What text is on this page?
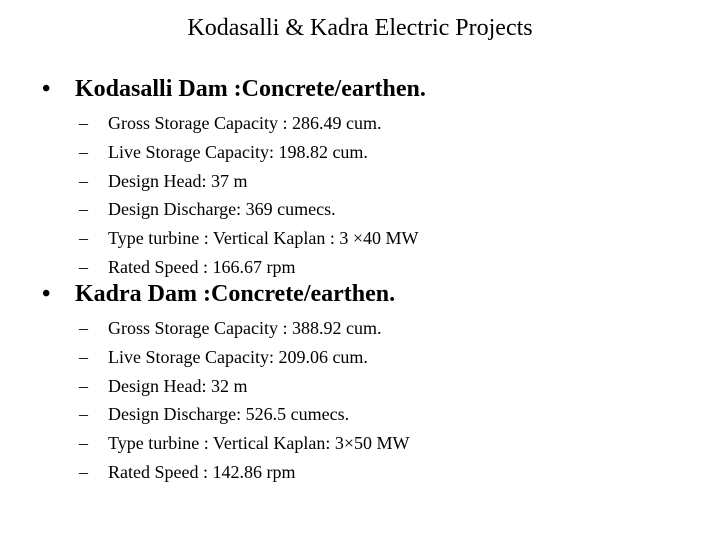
Kodasalli & Kadra Electric Projects
• Kodasalli Dam :Concrete/earthen.
– Gross Storage Capacity : 286.49 cum.
– Live Storage Capacity: 198.82 cum.
– Design Head: 37 m
– Design Discharge: 369 cumecs.
– Type turbine : Vertical Kaplan : 3 ×40 MW
– Rated Speed : 166.67 rpm
• Kadra Dam :Concrete/earthen.
– Gross Storage Capacity : 388.92 cum.
– Live Storage Capacity: 209.06 cum.
– Design Head: 32 m
– Design Discharge: 526.5 cumecs.
– Type turbine : Vertical Kaplan: 3×50 MW
– Rated Speed : 142.86 rpm
